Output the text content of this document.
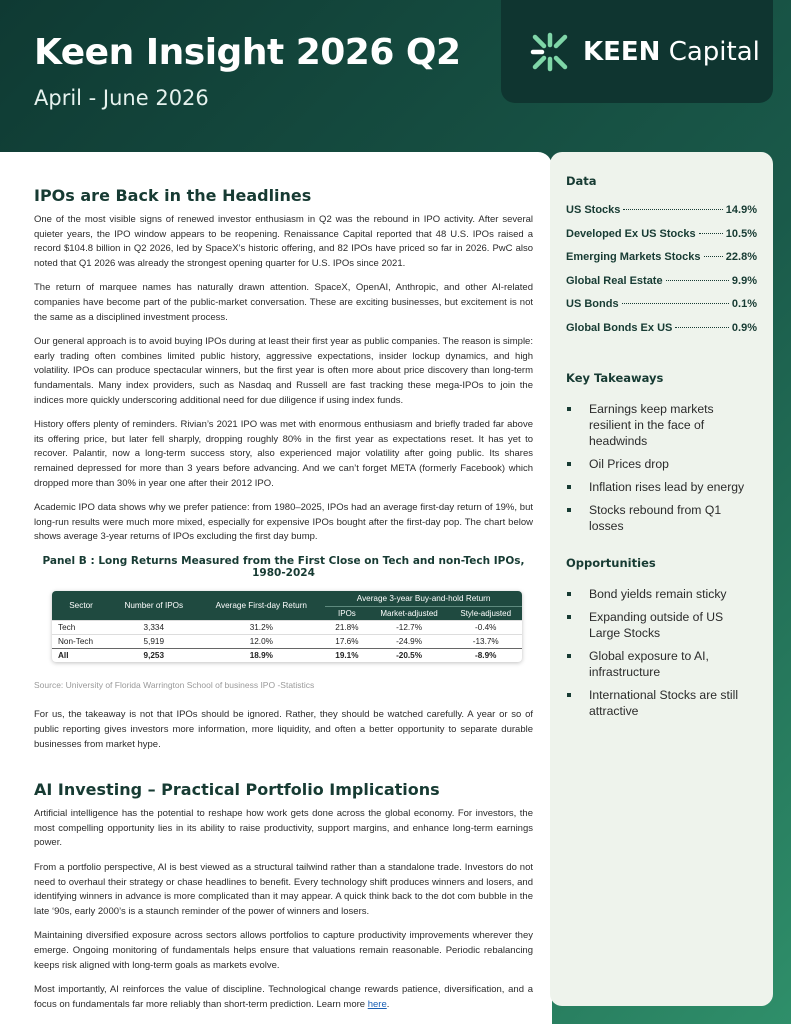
Keen Insight 2026 Q2
April - June 2026
KEEN Capital
IPOs are Back in the Headlines

One of the most visible signs of renewed investor enthusiasm in Q2 was the rebound in IPO activity. After several quieter years, the IPO window appears to be reopening. Renaissance Capital reported that 48 U.S. IPOs raised a record $104.8 billion in Q2 2026, led by SpaceX’s historic offering, and 82 IPOs have priced so far in 2026. PwC also noted that Q1 2026 was already the strongest opening quarter for U.S. IPOs since 2021.

The return of marquee names has naturally drawn attention. SpaceX, OpenAI, Anthropic, and other AI-related companies have become part of the public-market conversation. These are exciting businesses, but excitement is not the same as a disciplined investment process.

Our general approach is to avoid buying IPOs during at least their first year as public companies. The reason is simple: early trading often combines limited public history, aggressive expectations, insider lockup dynamics, and high volatility. IPOs can produce spectacular winners, but the first year is often more about price discovery than long-term fundamentals. Many index providers, such as Nasdaq and Russell are fast tracking these mega-IPOs to join the indices more quickly underscoring additional need for due diligence if using index funds.

History offers plenty of reminders. Rivian’s 2021 IPO was met with enormous enthusiasm and briefly traded far above its offering price, but later fell sharply, dropping roughly 80% in the first year as expectations reset. It has yet to recover. Palantir, now a long-term success story, also experienced major volatility after going public. Its shares remained depressed for more than 3 years before advancing. And we can’t forget META (formerly Facebook) which dropped more than 30% in year one after their 2012 IPO.

Academic IPO data shows why we prefer patience: from 1980–2025, IPOs had an average first-day return of 19%, but long-run results were much more mixed, especially for expensive IPOs bought after the first-day pop. The chart below shows average 3-year returns of IPOs excluding the first day bump.

Panel B : Long Returns Measured from the First Close on Tech and non-Tech IPOs, 1980-2024
Sector	Number of IPOs	Average First-day Return	Average 3-year Buy-and-hold Return		
			IPOs	Market-adjusted	Style-adjusted
Tech	3,334	31.2%	21.8%	-12.7%	-0.4%
Non-Tech	5,919	12.0%	17.6%	-24.9%	-13.7%
All	9,253	18.9%	19.1%	-20.5%	-8.9%
Source: University of Florida Warrington School of business IPO -Statistics

For us, the takeaway is not that IPOs should be ignored. Rather, they should be watched carefully. A year or so of public reporting gives investors more information, more liquidity, and often a better opportunity to separate durable businesses from market hype.

AI Investing – Practical Portfolio Implications

Artificial intelligence has the potential to reshape how work gets done across the global economy. For investors, the most compelling opportunity lies in its ability to raise productivity, support margins, and enhance long-term earnings power.

From a portfolio perspective, AI is best viewed as a structural tailwind rather than a standalone trade. Investors do not need to overhaul their strategy or chase headlines to benefit. Every technology shift produces winners and losers, and identifying winners in advance is more complicated than it may appear. A quick think back to the dot com bubble in the late ‘90s, early 2000’s is a staunch reminder of the power of winners and losers.

Maintaining diversified exposure across sectors allows portfolios to capture productivity improvements wherever they emerge. Ongoing monitoring of fundamentals helps ensure that valuations remain reasonable. Periodic rebalancing keeps risk aligned with long-term goals as markets evolve.

Most importantly, AI reinforces the value of discipline. Technological change rewards patience, diversification, and a focus on fundamentals far more reliably than short-term prediction. Learn more here.

Data
US Stocks	14.9%
Developed Ex US Stocks	10.5%
Emerging Markets Stocks 22.8%
Global Real Estate	9.9%
US Bonds	0.1%
Global Bonds Ex US	0.9%
Key Takeaways
Earnings keep markets resilient in the face of headwinds
Oil Prices drop
Inflation rises lead by energy
Stocks rebound from Q1 losses
Opportunities
Bond yields remain sticky
Expanding outside of US Large Stocks
Global exposure to AI, infrastructure
International Stocks are still attractive
